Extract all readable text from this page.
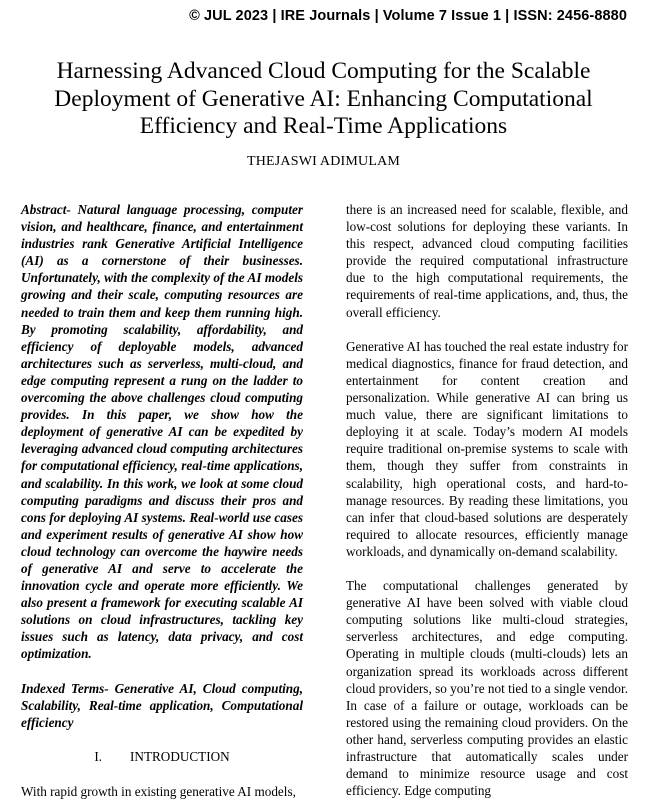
© JUL 2023 | IRE Journals | Volume 7 Issue 1 | ISSN: 2456-8880
Harnessing Advanced Cloud Computing for the Scalable
Deployment of Generative AI: Enhancing Computational
Efficiency and Real-Time Applications
THEJASWI ADIMULAM

Abstract- Natural language processing, computer vision, and healthcare, finance, and entertainment industries rank Generative Artificial Intelligence (AI) as a cornerstone of their businesses. Unfortunately, with the complexity of the AI models growing and their scale, computing resources are needed to train them and keep them running high. By promoting scalability, affordability, and efficiency of deployable models, advanced architectures such as serverless, multi-cloud, and edge computing represent a rung on the ladder to overcoming the above challenges cloud computing provides. In this paper, we show how the deployment of generative AI can be expedited by leveraging advanced cloud computing architectures for computational efficiency, real-time applications, and scalability. In this work, we look at some cloud computing paradigms and discuss their pros and cons for deploying AI systems. Real-world use cases and experiment results of generative AI show how cloud technology can overcome the haywire needs of generative AI and serve to accelerate the innovation cycle and operate more efficiently. We also present a framework for executing scalable AI solutions on cloud infrastructures, tackling key issues such as latency, data privacy, and cost optimization.

Indexed Terms- Generative AI, Cloud computing, Scalability, Real-time application, Computational efficiency

I. INTRODUCTION

With rapid growth in existing generative AI models,

there is an increased need for scalable, flexible, and low-cost solutions for deploying these variants. In this respect, advanced cloud computing facilities provide the required computational infrastructure due to the high computational requirements, the requirements of real-time applications, and, thus, the overall efficiency.

Generative AI has touched the real estate industry for medical diagnostics, finance for fraud detection, and entertainment for content creation and personalization. While generative AI can bring us much value, there are significant limitations to deploying it at scale. Today’s modern AI models require traditional on-premise systems to scale with them, though they suffer from constraints in scalability, high operational costs, and hard-to-manage resources. By reading these limitations, you can infer that cloud-based solutions are desperately required to allocate resources, efficiently manage workloads, and dynamically on-demand scalability.

The computational challenges generated by generative AI have been solved with viable cloud computing solutions like multi-cloud strategies, serverless architectures, and edge computing. Operating in multiple clouds (multi-clouds) lets an organization spread its workloads across different cloud providers, so you’re not tied to a single vendor. In case of a failure or outage, workloads can be restored using the remaining cloud providers. On the other hand, serverless computing provides an elastic infrastructure that automatically scales under demand to minimize resource usage and cost efficiency. Edge computing
